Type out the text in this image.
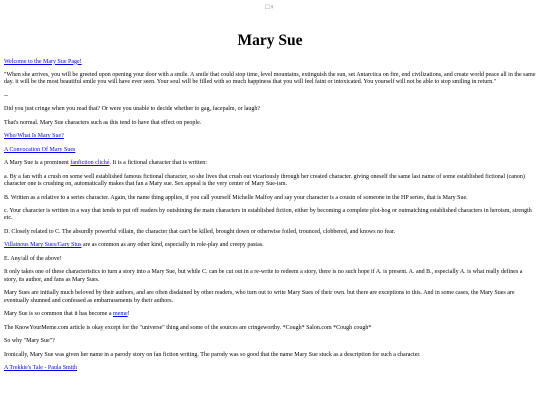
□♀
Mary Sue

Welcome to the Mary Sue Page!

"When she arrives, you will be greeted upon opening your door with a smile. A smile that could stop time, level mountains, extinguish the sun, set Antarctica on fire, end civilizations, and create world peace all in the same day. it will be the most beautiful smile you will have ever seen. Your soul will be filled with so much happiness that you will feel faint or intoxicated. You yourself will not be able to stop smiling in return."

--

Did you just cringe when you read that? Or were you unable to decide whether to gag, facepalm, or laugh?

That's normal. Mary Sue characters such as this tend to have that effect on people.

Who/What Is Mary Sue?

A Convocation Of Mary Sues

A Mary Sue is a prominent fanfiction cliché. It is a fictional character that is written:

a. By a fan with a crush on some well established famous fictional character, so she lives that crush out vicariously through her created character. giving oneself the same last name of some established fictional (canon) character one is crushing on, automatically makes that fan a Mary sue. Sex appeal is the very center of Mary Sue-ism.

B. Written as a relative to a series character. Again, the name thing applies, if you call yourself Michelle Malfoy and say your character is a cousin of someone in the HP series, that is Mary Sue.

c. Your character is written in a way that tends to put off readers by outshining the main characters in established fiction, either by becoming a complete plot-hog or outmatching established characters in heroism, strength etc.

D. Closely related to C. The absurdly powerful villain, the character that can't be killed, brought down or otherwise foiled, trounced, clobbered, and knows no fear.

Villainous Mary Sues/Gary Stus are as common as any other kind, especially in role-play and creepy pastas.

E. Any/all of the above!

It only takes one of these characteristics to turn a story into a Mary Sue, but while C. can be cut out in a re-write to redeem a story, there is no such hope if A. is present. A. and B., especially A. is what really defines a story, its author, and fans as Mary Sues.

Mary Sues are initially much beloved by their authors, and are often disdained by other readers, who turn out to write Mary Sues of their own. but there are exceptions to this. And in some cases, the Mary Sues are eventually shunned and confessed as embarrassments by their authors.

Mary Sue is so common that it has become a meme!

The KnowYourMeme.com article is okay except for the "universe" thing and some of the sources are cringeworthy. *Cough* Salon.com *Cough cough*

So why "Mary Sue"?

Ironically, Mary Sue was given her name in a parody story on fan fiction writing. The parody was so good that the name Mary Sue stuck as a description for such a character.

A Trekkie's Tale - Paula Smith
